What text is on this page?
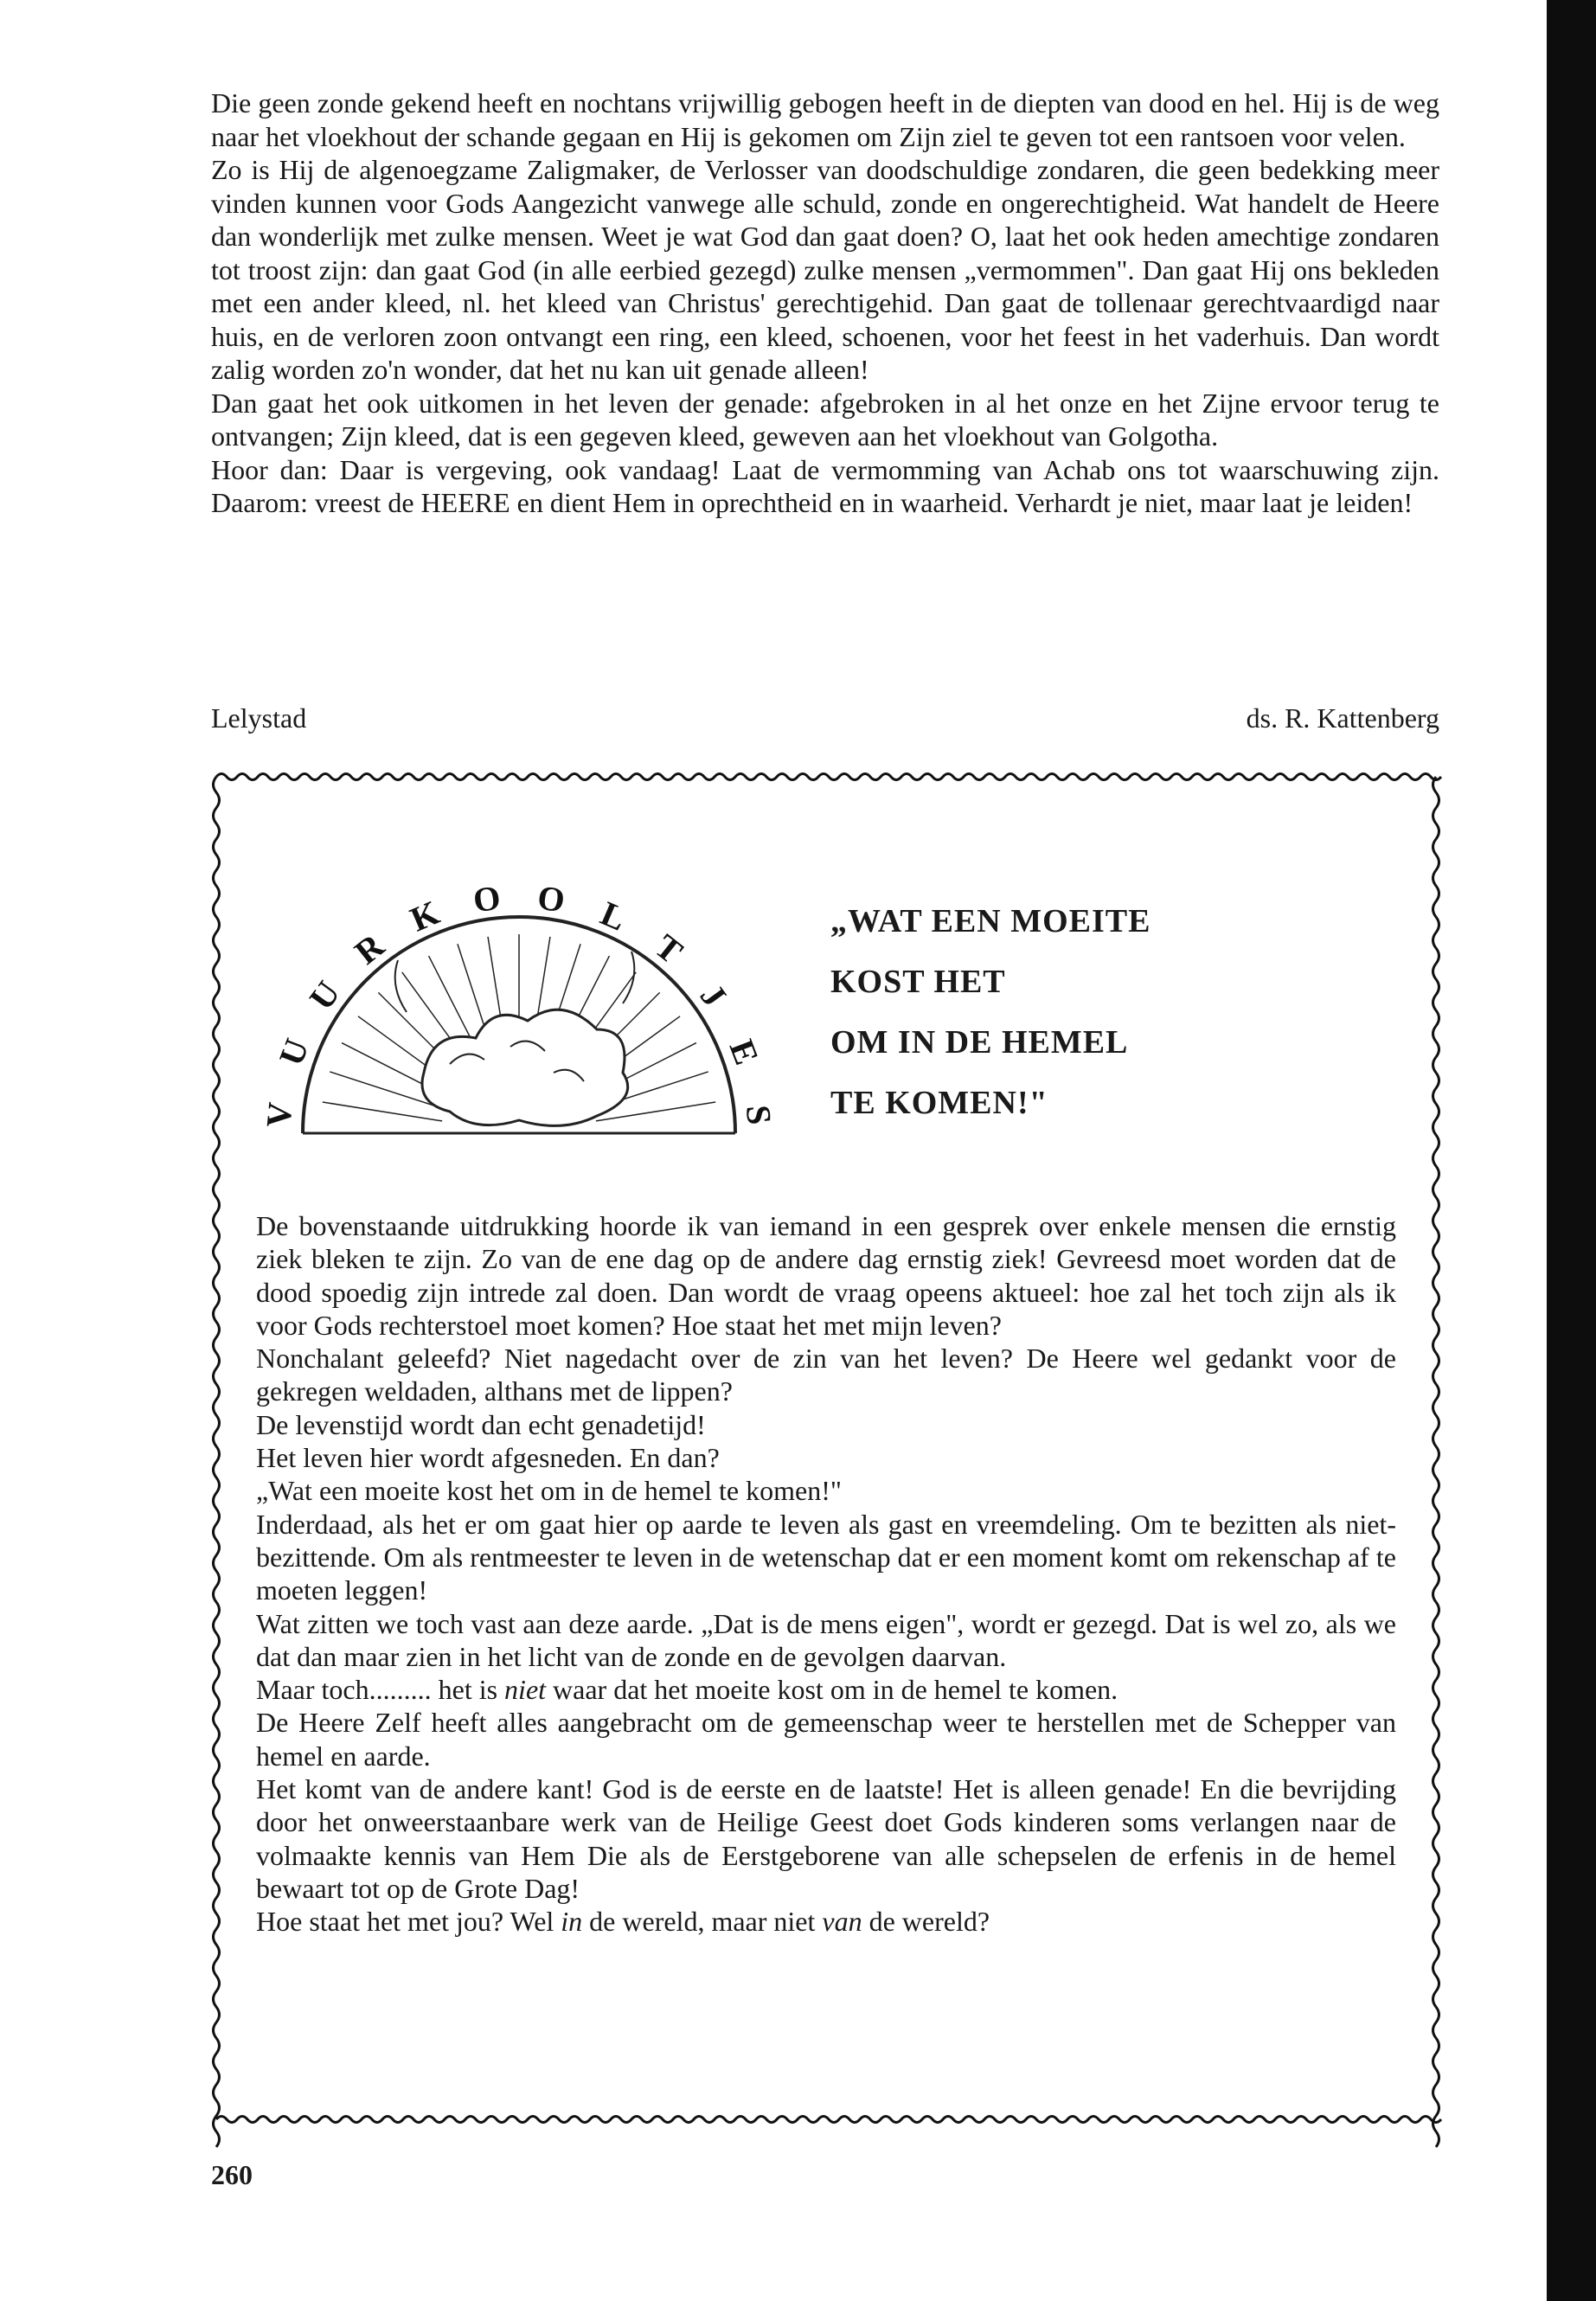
Die geen zonde gekend heeft en nochtans vrijwillig gebogen heeft in de diepten van dood en hel. Hij is de weg naar het vloekhout der schande gegaan en Hij is gekomen om Zijn ziel te geven tot een rantsoen voor velen.

Zo is Hij de algenoegzame Zaligmaker, de Verlosser van doodschuldige zondaren, die geen bedekking meer vinden kunnen voor Gods Aangezicht vanwege alle schuld, zonde en ongerechtigheid. Wat handelt de Heere dan wonderlijk met zulke mensen. Weet je wat God dan gaat doen? O, laat het ook heden amechtige zondaren tot troost zijn: dan gaat God (in alle eerbied gezegd) zulke mensen „vermommen". Dan gaat Hij ons bekleden met een ander kleed, nl. het kleed van Christus' gerechtigehid. Dan gaat de tollenaar gerechtvaardigd naar huis, en de verloren zoon ontvangt een ring, een kleed, schoenen, voor het feest in het vaderhuis. Dan wordt zalig worden zo'n wonder, dat het nu kan uit genade alleen!

Dan gaat het ook uitkomen in het leven der genade: afgebroken in al het onze en het Zijne ervoor terug te ontvangen; Zijn kleed, dat is een gegeven kleed, geweven aan het vloekhout van Golgotha.

Hoor dan: Daar is vergeving, ook vandaag! Laat de vermomming van Achab ons tot waarschuwing zijn. Daarom: vreest de HEERE en dient Hem in oprechtheid en in waarheid. Verhardt je niet, maar laat je leiden!

Lelystad	ds. R. Kattenberg
V
U
U
R
K O O L
T
J
E
S
„WAT EEN MOEITE
KOST HET
OM IN DE HEMEL
TE KOMEN!"

De bovenstaande uitdrukking hoorde ik van iemand in een gesprek over enkele mensen die ernstig ziek bleken te zijn. Zo van de ene dag op de andere dag ernstig ziek! Gevreesd moet worden dat de dood spoedig zijn intrede zal doen. Dan wordt de vraag opeens aktueel: hoe zal het toch zijn als ik voor Gods rechterstoel moet komen? Hoe staat het met mijn leven?

Nonchalant geleefd? Niet nagedacht over de zin van het leven? De Heere wel gedankt voor de gekregen weldaden, althans met de lippen?

De levenstijd wordt dan echt genadetijd!

Het leven hier wordt afgesneden. En dan?

„Wat een moeite kost het om in de hemel te komen!"

Inderdaad, als het er om gaat hier op aarde te leven als gast en vreemdeling. Om te bezitten als niet-bezittende. Om als rentmeester te leven in de wetenschap dat er een moment komt om rekenschap af te moeten leggen!

Wat zitten we toch vast aan deze aarde. „Dat is de mens eigen", wordt er gezegd. Dat is wel zo, als we dat dan maar zien in het licht van de zonde en de gevolgen daarvan.

Maar toch......... het is niet waar dat het moeite kost om in de hemel te komen.

De Heere Zelf heeft alles aangebracht om de gemeenschap weer te herstellen met de Schepper van hemel en aarde.

Het komt van de andere kant! God is de eerste en de laatste! Het is alleen genade! En die bevrijding door het onweerstaanbare werk van de Heilige Geest doet Gods kinderen soms verlangen naar de volmaakte kennis van Hem Die als de Eerstgeborene van alle schepselen de erfenis in de hemel bewaart tot op de Grote Dag!

Hoe staat het met jou? Wel in de wereld, maar niet van de wereld?

260
